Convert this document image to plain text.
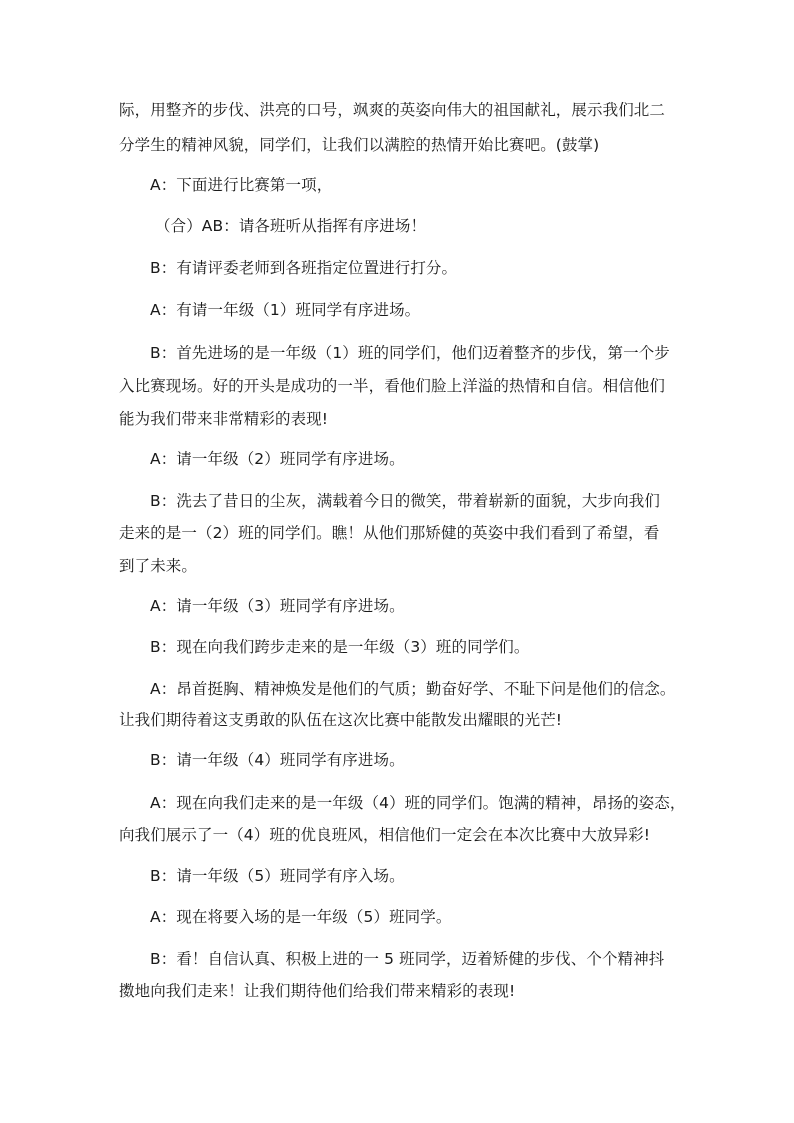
际，用整齐的步伐、洪亮的口号，飒爽的英姿向伟大的祖国献礼，展示我们北二
分学生的精神风貌，同学们，让我们以满腔的热情开始比赛吧。(鼓掌)
A：下面进行比赛第一项，
（合）AB：请各班听从指挥有序进场！
B：有请评委老师到各班指定位置进行打分。
A：有请一年级（1）班同学有序进场。
B：首先进场的是一年级（1）班的同学们，他们迈着整齐的步伐，第一个步
入比赛现场。好的开头是成功的一半，看他们脸上洋溢的热情和自信。相信他们
能为我们带来非常精彩的表现!
A：请一年级（2）班同学有序进场。
B：洗去了昔日的尘灰，满载着今日的微笑，带着崭新的面貌，大步向我们
走来的是一（2）班的同学们。瞧！从他们那矫健的英姿中我们看到了希望，看
到了未来。
A：请一年级（3）班同学有序进场。
B：现在向我们跨步走来的是一年级（3）班的同学们。
A：昂首挺胸、精神焕发是他们的气质；勤奋好学、不耻下问是他们的信念。
让我们期待着这支勇敢的队伍在这次比赛中能散发出耀眼的光芒!
B：请一年级（4）班同学有序进场。
A：现在向我们走来的是一年级（4）班的同学们。饱满的精神，昂扬的姿态，
向我们展示了一（4）班的优良班风，相信他们一定会在本次比赛中大放异彩!
B：请一年级（5）班同学有序入场。
A：现在将要入场的是一年级（5）班同学。
B：看！自信认真、积极上进的一 5 班同学，迈着矫健的步伐、个个精神抖
擞地向我们走来！让我们期待他们给我们带来精彩的表现!
